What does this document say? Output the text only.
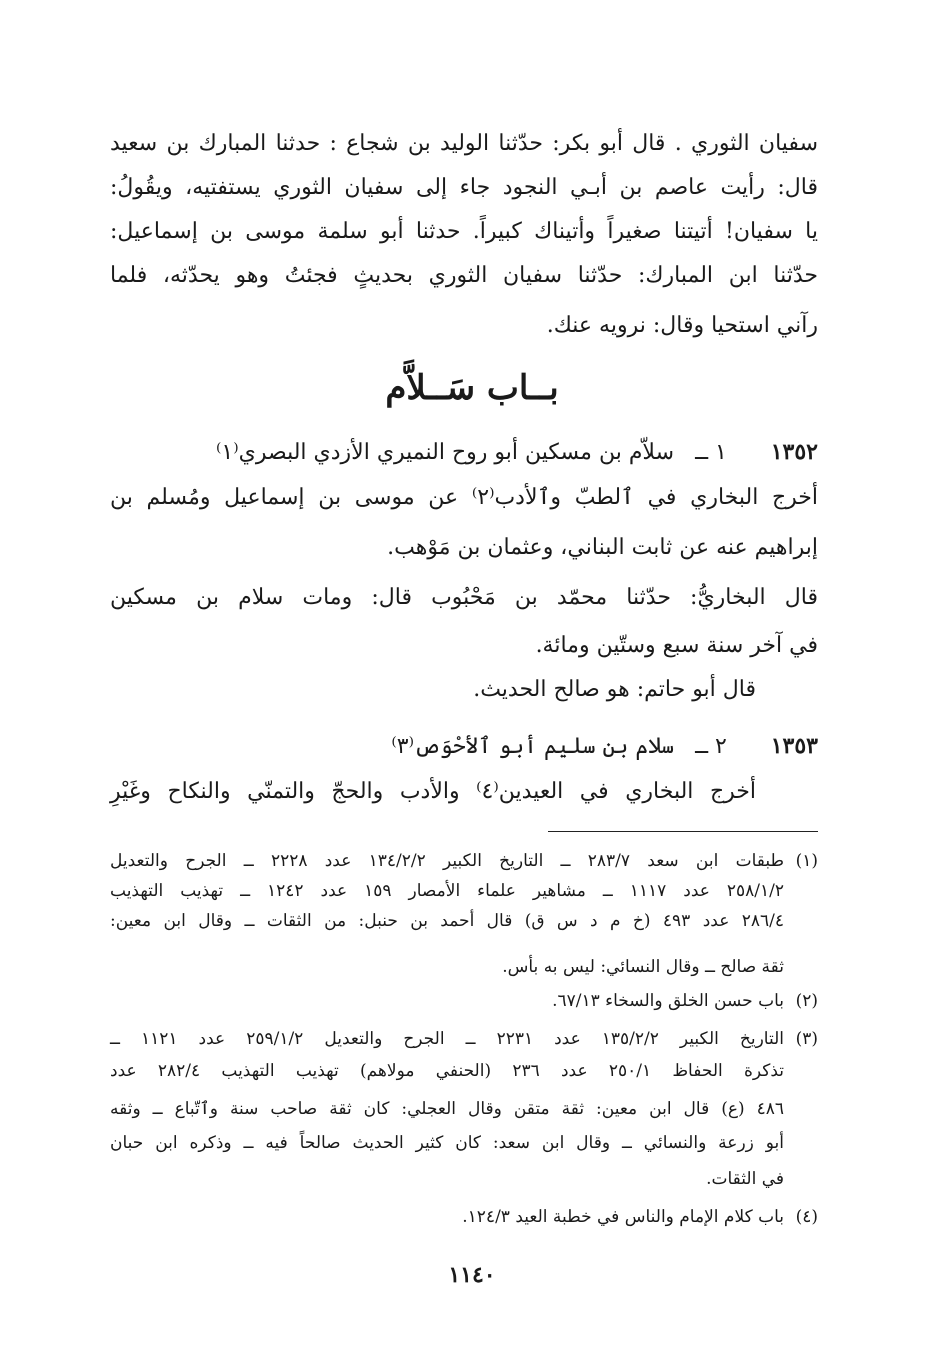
سفيان الثوري . قال أبو بكر: حدّثنا الوليد بن شجاع : حدثنا المبارك بن سعيد
قال: رأيت عاصم بن أبـي النجود جاء إلى سفيان الثوري يستفتيه، ويقُولُ:
يا سفيان! أتيتنا صغيراً وأتيناك كبيراً. حدثنا أبو سلمة موسى بن إسماعيل:
حدّثنا ابن المبارك: حدّثنا سفيان الثوري بحديثٍ فجئتُ وهو يحدّثه، فلما
رآني استحيا وقال: نرويه عنك.
بــاب سَــلاَّم
١٣٥٢ ١ ــ سلاّم بن مسكين أبو روح النميري الأزدي البصري⁽١⁾
أخرج البخاري في ٱلطبّ وٱلأدب⁽٢⁾ عن موسى بن إسماعيل ومُسلم بن
إبراهيم عنه عن ثابت البناني، وعثمان بن مَوْهب.
قال البخاريُّ: حدّثنا محمّد بن مَحْبُوب قال: ومات سلام بن مسكين
في آخر سنة سبع وستّين ومائة.
قال أبو حاتم: هو صالح الحديث.
١٣٥٣ ٢ ــ سلام بن سليم أبو ٱلأحْوَص⁽٣⁾
أخرج البخاري في العيدين⁽٤⁾ والأدب والحجّ والتمنّي والنكاح وغَيْرِ
(١)طبقات ابن سعد ٢٨٣/٧ ــ التاريخ الكبير ١٣٤/٢/٢ عدد ٢٢٢٨ ــ الجرح والتعديل
٢٥٨/١/٢ عدد ١١١٧ ــ مشاهير علماء الأمصار ١٥٩ عدد ١٢٤٢ ــ تهذيب التهذيب
٢٨٦/٤ عدد ٤٩٣ (خ م د س ق) قال أحمد بن حنبل: من الثقات ــ وقال ابن معين:
ثقة صالح ــ وقال النسائي: ليس به بأس.
(٢)باب حسن الخلق والسخاء ٦٧/١٣.
(٣)التاريخ الكبير ١٣٥/٢/٢ عدد ٢٢٣١ ــ الجرح والتعديل ٢٥٩/١/٢ عدد ١١٢١ ــ
تذكرة الحفاظ ٢٥٠/١ عدد ٢٣٦ (الحنفي مولاهم) تهذيب التهذيب ٢٨٢/٤ عدد
٤٨٦ (ع) قال ابن معين: ثقة متقن وقال العجلي: كان ثقة صاحب سنة وٱتّباع ــ وثقه
أبو زرعة والنسائي ــ وقال ابن سعد: كان كثير الحديث صالحاً فيه ــ وذكره ابن حبان
في الثقات.
(٤)باب كلام الإمام والناس في خطبة العيد ١٢٤/٣.
١١٤٠
